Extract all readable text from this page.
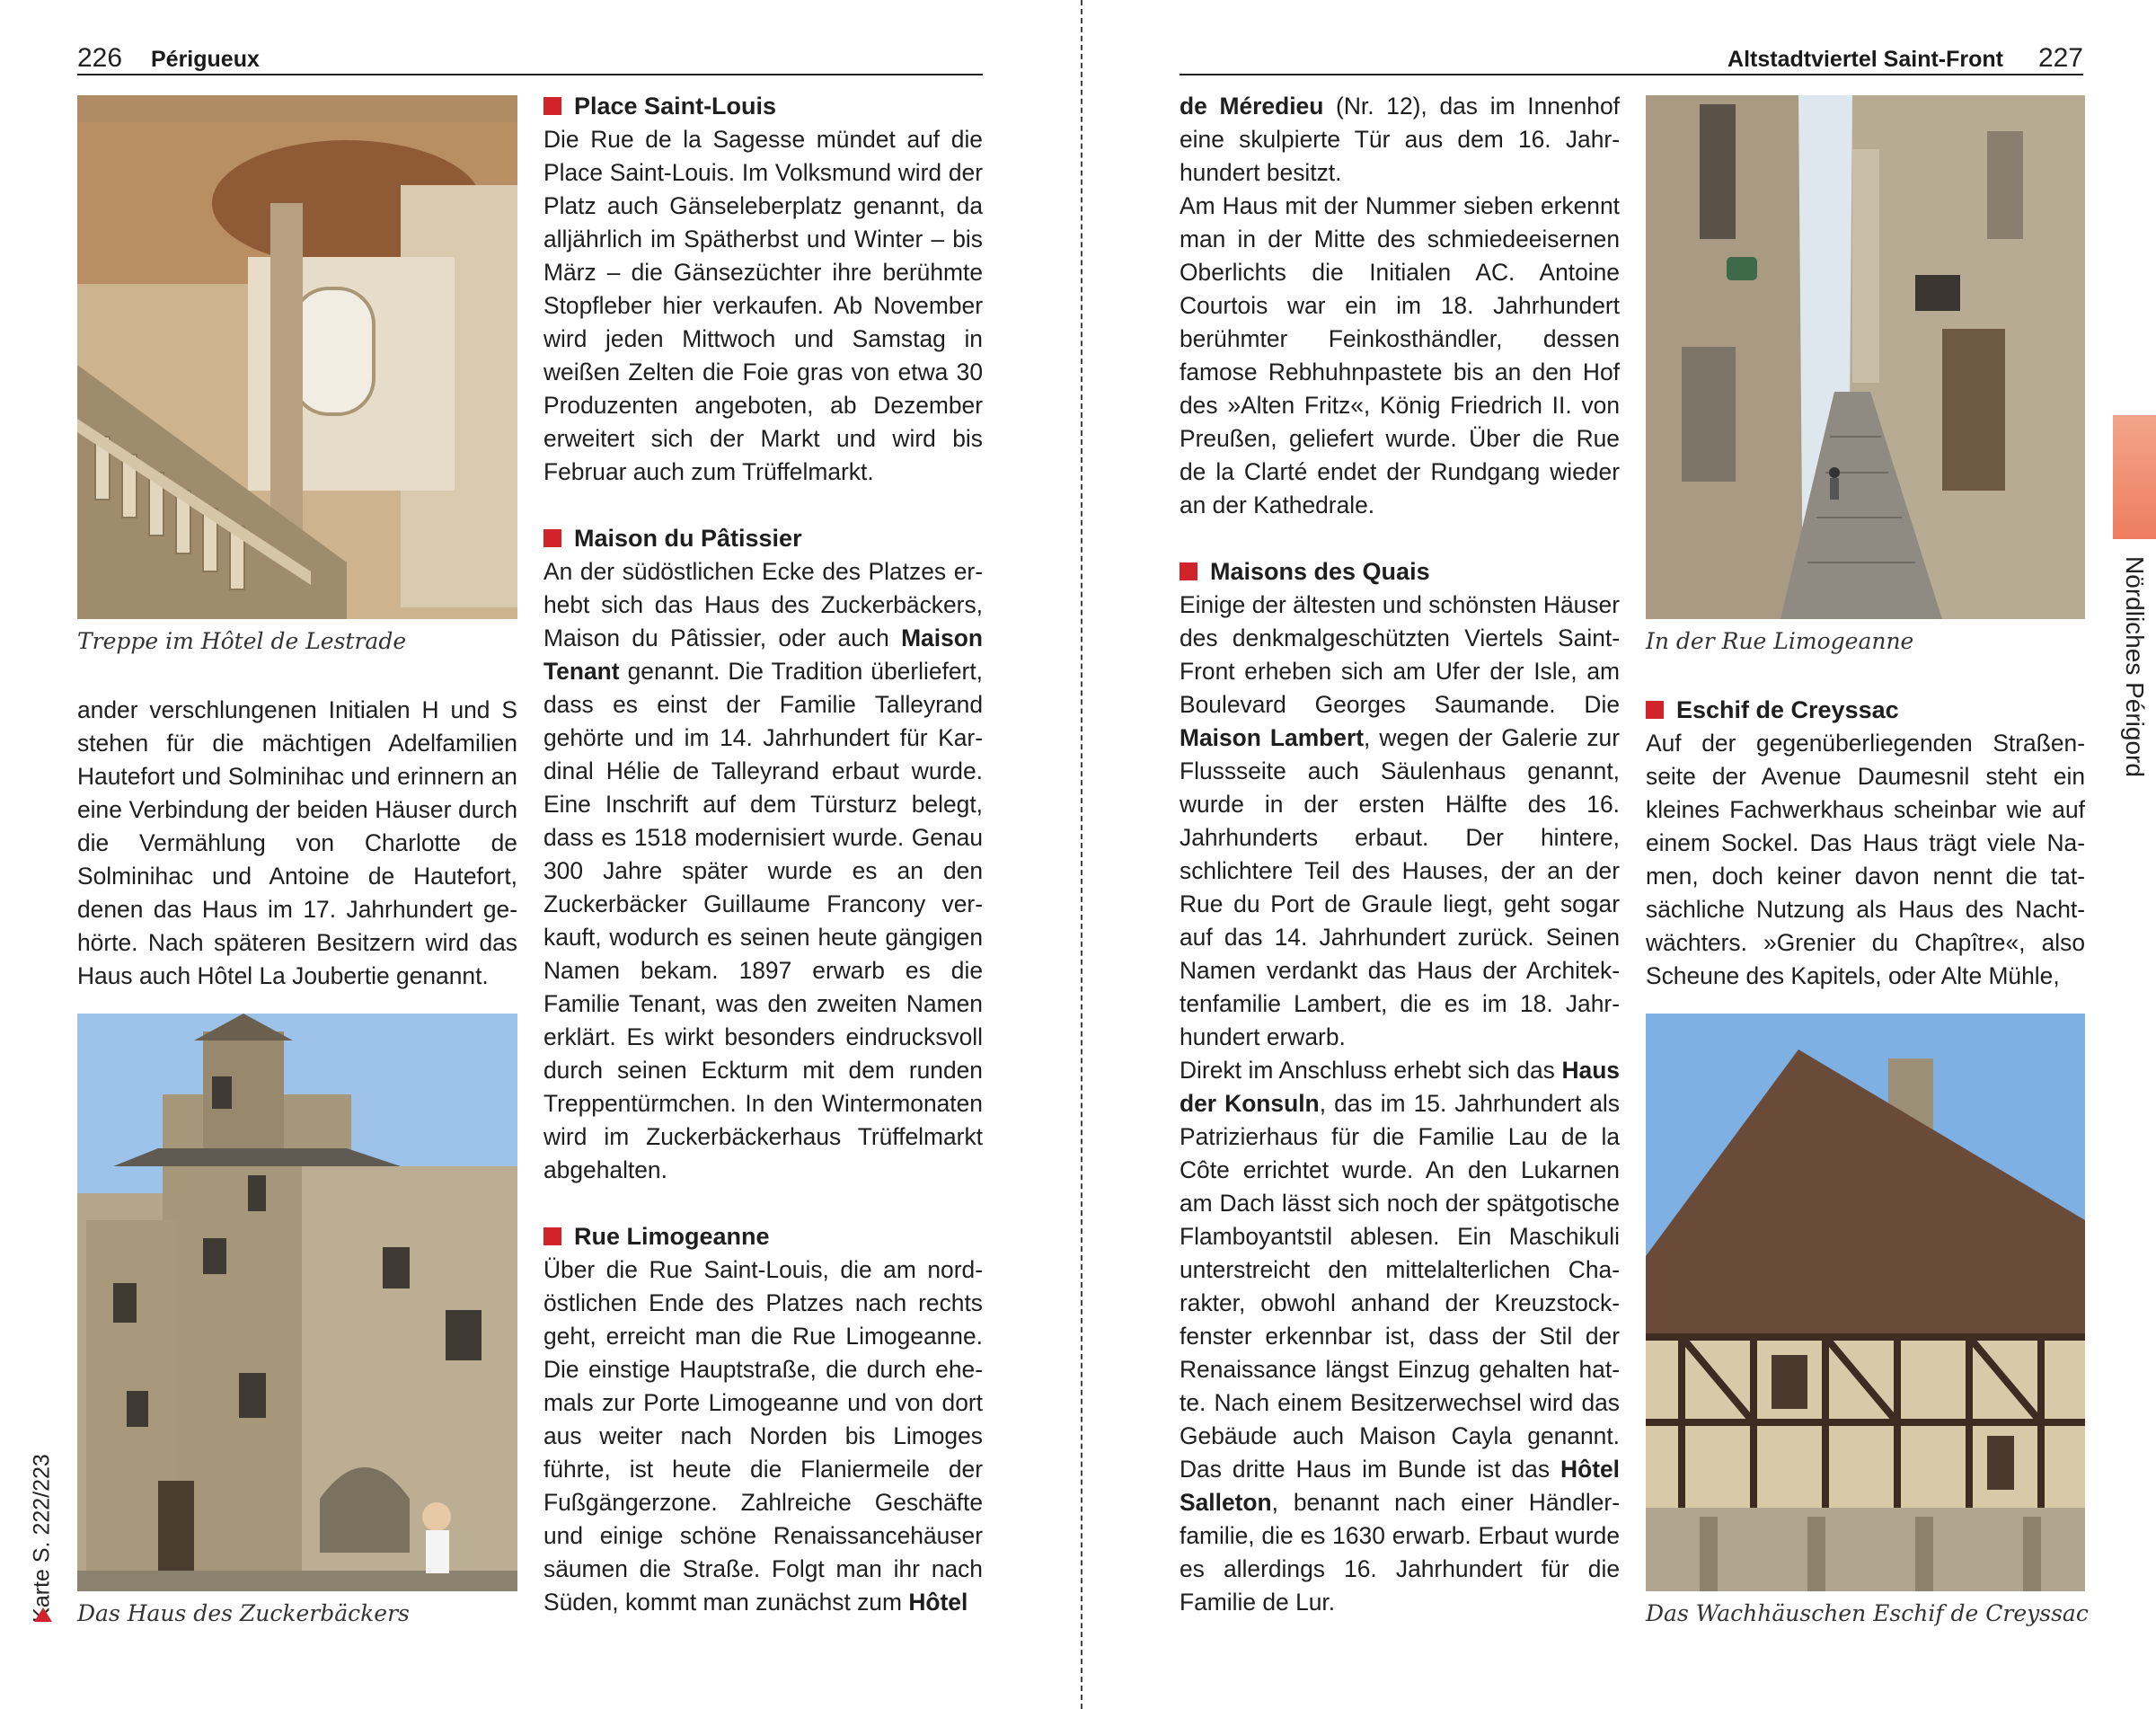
226 Périgueux
Treppe im Hôtel de Lestrade

ander verschlungenen Initialen H und S stehen für die mächtigen Adelfamilien Hautefort und Solminihac und erinnern an eine Verbindung der beiden Häuser durch die Vermählung von Charlotte de Solminihac und Antoine de Hautefort, denen das Haus im 17. Jahrhundert gehörte. Nach späteren Besitzern wird das Haus auch Hôtel La Joubertie genannt.

Das Haus des Zuckerbäckers
Place Saint-Louis

Die Rue de la Sagesse mündet auf die Place Saint-Louis. Im Volksmund wird der Platz auch Gänseleberplatz genannt, da alljährlich im Spätherbst und Winter – bis März – die Gänsezüchter ihre berühmte Stopfleber hier verkaufen. Ab November wird jeden Mittwoch und Samstag in weißen Zelten die Foie gras von etwa 30 Produzenten angeboten, ab Dezember erweitert sich der Markt und wird bis Februar auch zum Trüffelmarkt.

Maison du Pâtissier

An der südöstlichen Ecke des Platzes erhebt sich das Haus des Zuckerbäckers, Maison du Pâtissier, oder auch Maison Tenant genannt. Die Tradition überliefert, dass es einst der Familie Talleyrand gehörte und im 14. Jahrhundert für Kardinal Hélie de Talleyrand erbaut wurde. Eine Inschrift auf dem Türsturz belegt, dass es 1518 modernisiert wurde. Genau 300 Jahre später wurde es an den Zuckerbäcker Guillaume Francony verkauft, wodurch es seinen heute gängigen Namen bekam. 1897 erwarb es die Familie Tenant, was den zweiten Namen erklärt. Es wirkt besonders eindrucksvoll durch seinen Eckturm mit dem runden Treppentürmchen. In den Wintermonaten wird im Zuckerbäckerhaus Trüffelmarkt abgehalten.

Rue Limogeanne

Über die Rue Saint-Louis, die am nordöstlichen Ende des Platzes nach rechts geht, erreicht man die Rue Limogeanne. Die einstige Hauptstraße, die durch ehemals zur Porte Limogeanne und von dort aus weiter nach Norden bis Limoges führte, ist heute die Flaniermeile der Fußgängerzone. Zahlreiche Geschäfte und einige schöne Renaissancehäuser säumen die Straße. Folgt man ihr nach Süden, kommt man zunächst zum Hôtel

Karte S. 222/223
Altstadtviertel Saint-Front 227

de Mérediеu (Nr. 12), das im Innenhof eine skulpierte Tür aus dem 16. Jahrhundert besitzt.

Am Haus mit der Nummer sieben erkennt man in der Mitte des schmiedeeisernen Oberlichts die Initialen AC. Antoine Courtois war ein im 18. Jahrhundert berühmter Feinkosthändler, dessen famose Rebhuhnpastete bis an den Hof des »Alten Fritz«, König Friedrich II. von Preußen, geliefert wurde. Über die Rue de la Clarté endet der Rundgang wieder an der Kathedrale.

Maisons des Quais

Einige der ältesten und schönsten Häuser des denkmalgeschützten Viertels Saint-Front erheben sich am Ufer der Isle, am Boulevard Georges Saumande. Die Maison Lambert, wegen der Galerie zur Flussseite auch Säulenhaus genannt, wurde in der ersten Hälfte des 16. Jahrhunderts erbaut. Der hintere, schlichtere Teil des Hauses, der an der Rue du Port de Graule liegt, geht sogar auf das 14. Jahrhundert zurück. Seinen Namen verdankt das Haus der Architektenfamilie Lambert, die es im 18. Jahrhundert erwarb.

Direkt im Anschluss erhebt sich das Haus der Konsuln, das im 15. Jahrhundert als Patrizierhaus für die Familie Lau de la Côte errichtet wurde. An den Lukarnen am Dach lässt sich noch der spätgotische Flamboyantstil ablesen. Ein Maschikuli unterstreicht den mittelalterlichen Charakter, obwohl anhand der Kreuzstockfenster erkennbar ist, dass der Stil der Renaissance längst Einzug gehalten hatte. Nach einem Besitzerwechsel wird das Gebäude auch Maison Cayla genannt. Das dritte Haus im Bunde ist das Hôtel Salleton, benannt nach einer Händlerfamilie, die es 1630 erwarb. Erbaut wurde es allerdings 16. Jahrhundert für die Familie de Lur.

In der Rue Limogeanne
Eschif de Creyssac

Auf der gegenüberliegenden Straßenseite der Avenue Daumesnil steht ein kleines Fachwerkhaus scheinbar wie auf einem Sockel. Das Haus trägt viele Namen, doch keiner davon nennt die tatsächliche Nutzung als Haus des Nachtwächters. »Grenier du Chapître«, also Scheune des Kapitels, oder Alte Mühle,

Das Wachhäuschen Eschif de Creyssac
Nördliches Périgord
